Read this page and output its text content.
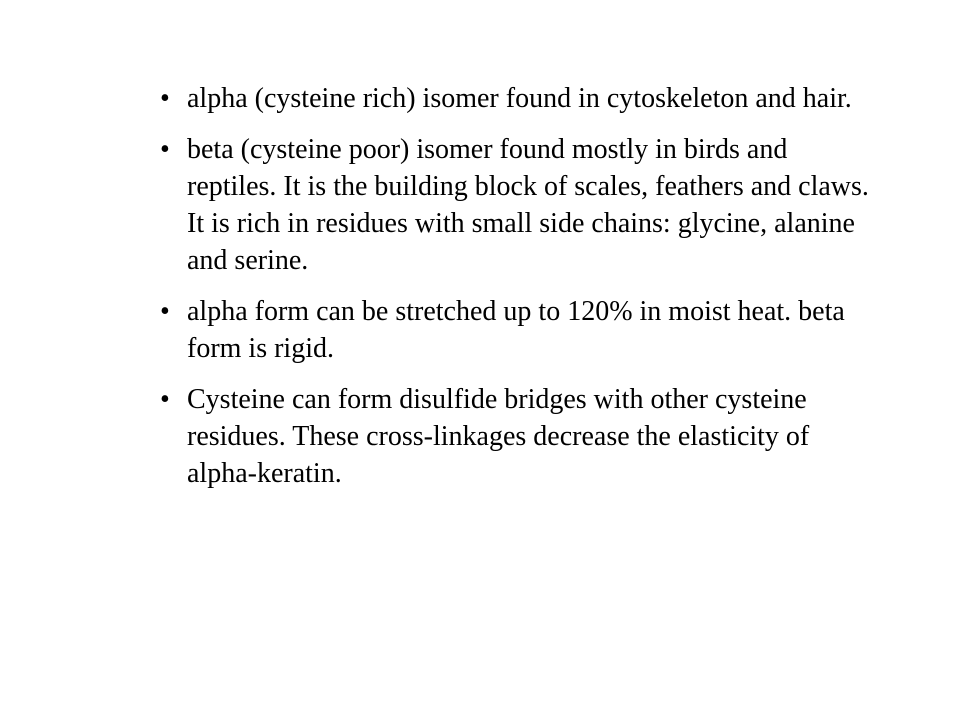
• alpha (cysteine rich) isomer found in cytoskeleton and hair.
• beta (cysteine poor) isomer found mostly in birds and reptiles. It is the building block of scales, feathers and claws. It is rich in residues with small side chains: glycine, alanine and serine.
• alpha form can be stretched up to 120% in moist heat. beta form is rigid.
• Cysteine can form disulfide bridges with other cysteine residues. These cross-linkages decrease the elasticity of alpha-keratin.
